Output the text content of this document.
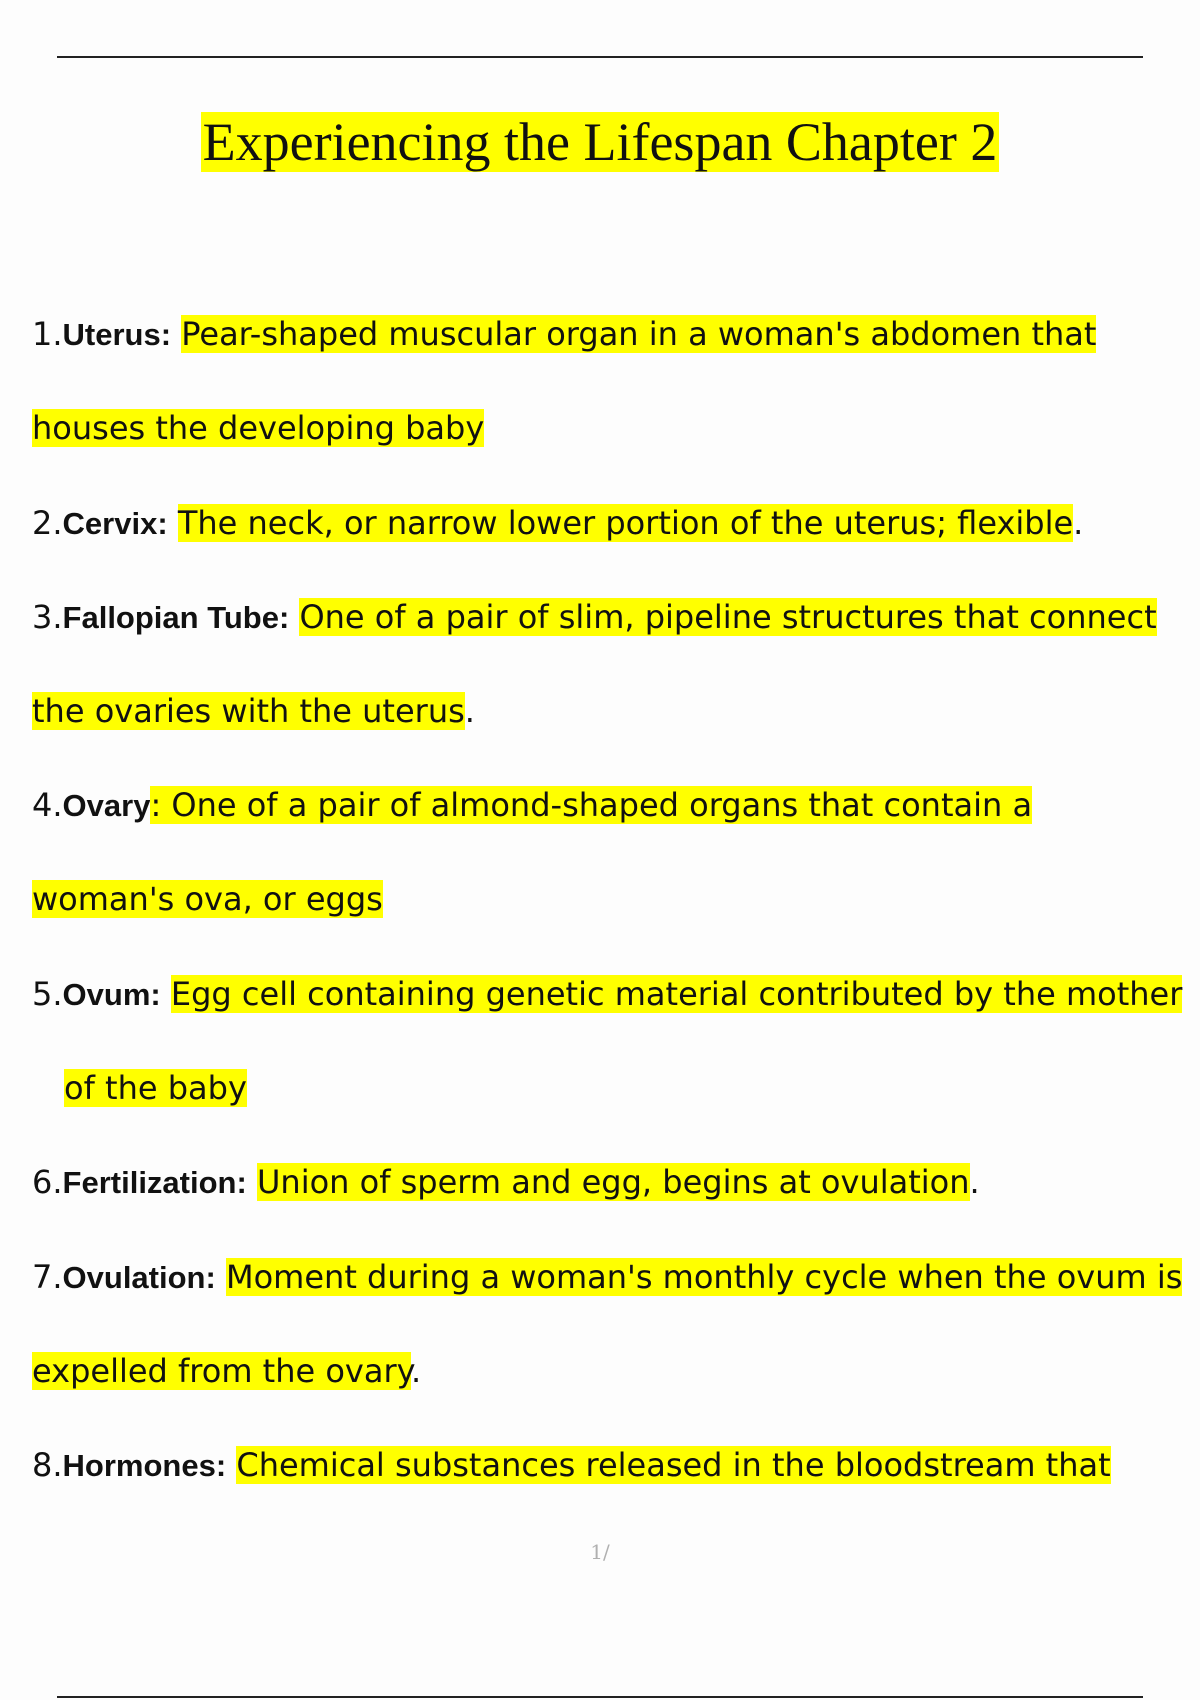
Experiencing the Lifespan Chapter 2
1.Uterus: Pear-shaped muscular organ in a woman's abdomen that
houses the developing baby
2.Cervix: The neck, or narrow lower portion of the uterus; flexible.
3.Fallopian Tube: One of a pair of slim, pipeline structures that connect
the ovaries with the uterus.
4.Ovary: One of a pair of almond-shaped organs that contain a
woman's ova, or eggs
5.Ovum: Egg cell containing genetic material contributed by the mother
of the baby
6.Fertilization: Union of sperm and egg, begins at ovulation.
7.Ovulation: Moment during a woman's monthly cycle when the ovum is
expelled from the ovary.
8.Hormones: Chemical substances released in the bloodstream that
1/
